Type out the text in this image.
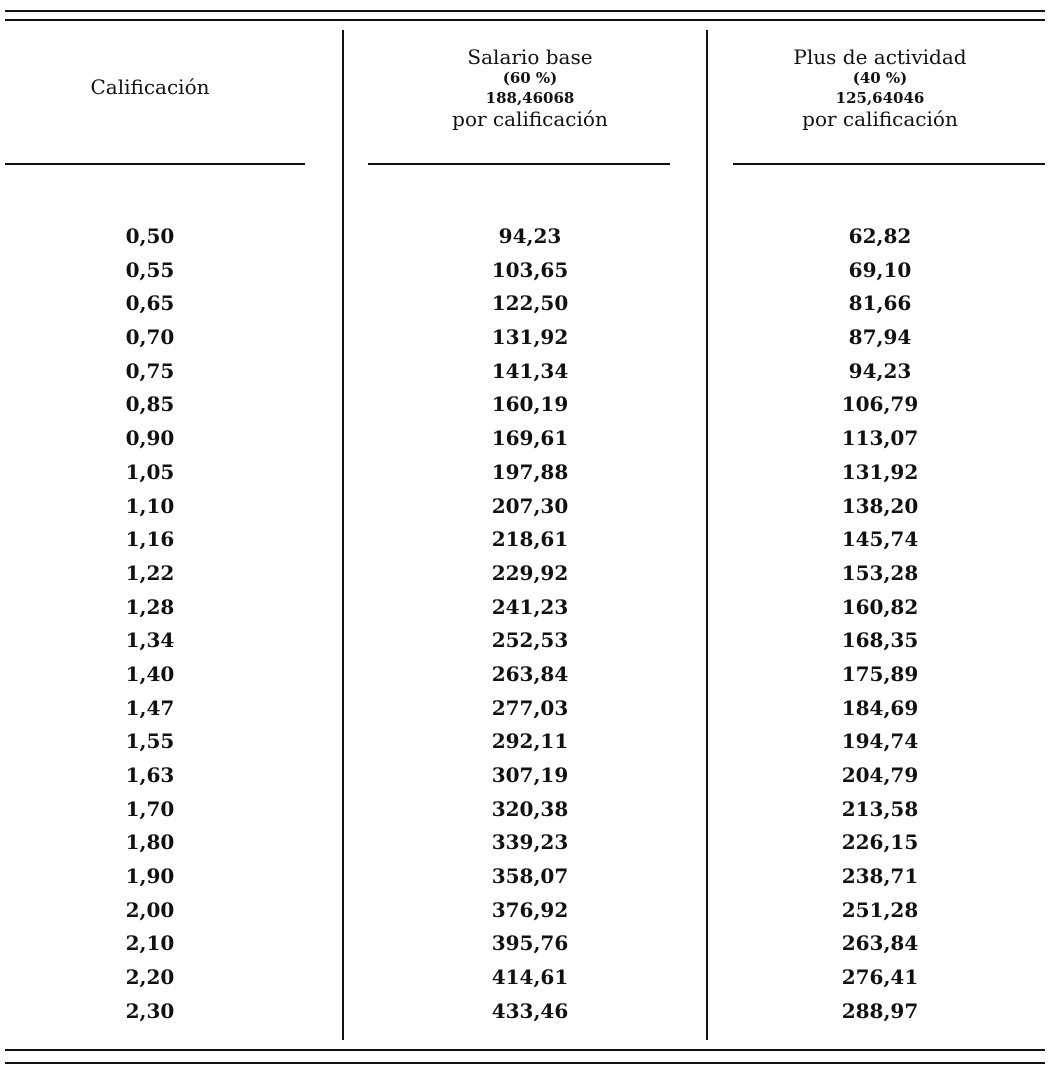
Calificación
Salario base
(60 %)
188,46068
por calificación
Plus de actividad
(40 %)
125,64046
por calificación
0,50
0,55
0,65
0,70
0,75
0,85
0,90
1,05
1,10
1,16
1,22
1,28
1,34
1,40
1,47
1,55
1,63
1,70
1,80
1,90
2,00
2,10
2,20
2,30
94,23
103,65
122,50
131,92
141,34
160,19
169,61
197,88
207,30
218,61
229,92
241,23
252,53
263,84
277,03
292,11
307,19
320,38
339,23
358,07
376,92
395,76
414,61
433,46
62,82
69,10
81,66
87,94
94,23
106,79
113,07
131,92
138,20
145,74
153,28
160,82
168,35
175,89
184,69
194,74
204,79
213,58
226,15
238,71
251,28
263,84
276,41
288,97
